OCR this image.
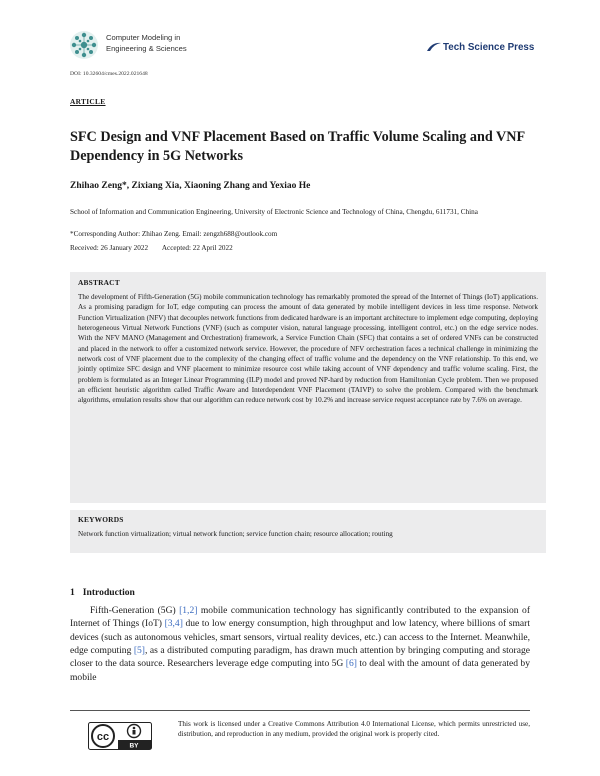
Computer Modeling in
Engineering & Sciences	Tech Science Press
DOI: 10.32604/cmes.2022.021648
ARTICLE
SFC Design and VNF Placement Based on Traffic Volume Scaling and VNF Dependency in 5G Networks
Zhihao Zeng*, Zixiang Xia, Xiaoning Zhang and Yexiao He
School of Information and Communication Engineering, University of Electronic Science and Technology of China, Chengdu, 611731, China
*Corresponding Author: Zhihao Zeng. Email: zengzh688@outlook.com
Received: 26 January 2022 Accepted: 22 April 2022
ABSTRACT
The development of Fifth-Generation (5G) mobile communication technology has remarkably promoted the spread of the Internet of Things (IoT) applications. As a promising paradigm for IoT, edge computing can process the amount of data generated by mobile intelligent devices in less time response. Network Function Virtualization (NFV) that decouples network functions from dedicated hardware is an important architecture to implement edge computing, deploying heterogeneous Virtual Network Functions (VNF) (such as computer vision, natural language processing, intelligent control, etc.) on the edge service nodes. With the NFV MANO (Management and Orchestration) framework, a Service Function Chain (SFC) that contains a set of ordered VNFs can be constructed and placed in the network to offer a customized network service. However, the procedure of NFV orchestration faces a technical challenge in minimizing the network cost of VNF placement due to the complexity of the changing effect of traffic volume and the dependency on the VNF relationship. To this end, we jointly optimize SFC design and VNF placement to minimize resource cost while taking account of VNF dependency and traffic volume scaling. First, the problem is formulated as an Integer Linear Programming (ILP) model and proved NP-hard by reduction from Hamiltonian Cycle problem. Then we proposed an efficient heuristic algorithm called Traffic Aware and Interdependent VNF Placement (TAIVP) to solve the problem. Compared with the benchmark algorithms, emulation results show that our algorithm can reduce network cost by 10.2% and increase service request acceptance rate by 7.6% on average.
KEYWORDS
Network function virtualization; virtual network function; service function chain; resource allocation; routing
1 Introduction
Fifth-Generation (5G) [1,2] mobile communication technology has significantly contributed to the expansion of Internet of Things (IoT) [3,4] due to low energy consumption, high throughput and low latency, where billions of smart devices (such as autonomous vehicles, smart sensors, virtual reality devices, etc.) can access to the Internet. Meanwhile, edge computing [5], as a distributed computing paradigm, has drawn much attention by bringing computing and storage closer to the data source. Researchers leverage edge computing into 5G [6] to deal with the amount of data generated by mobile
cc
BY
This work is licensed under a Creative Commons Attribution 4.0 International License, which permits unrestricted use, distribution, and reproduction in any medium, provided the original work is properly cited.
